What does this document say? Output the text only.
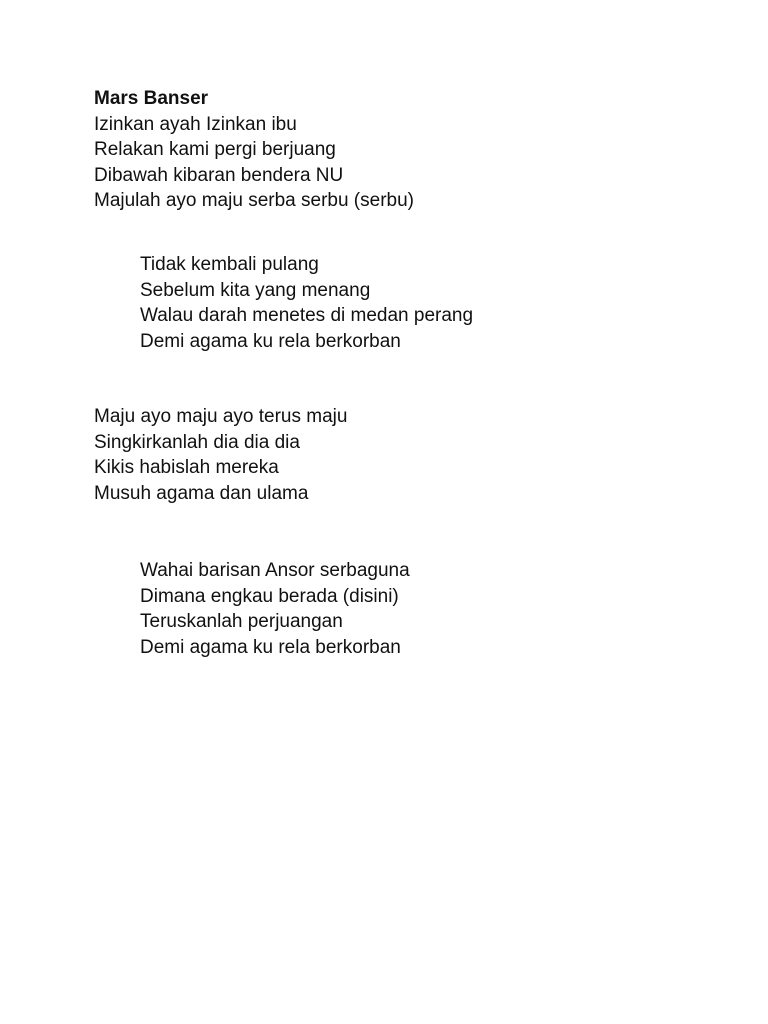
Mars Banser
Izinkan ayah Izinkan ibu
Relakan kami pergi berjuang
Dibawah kibaran bendera NU
Majulah ayo maju serba serbu (serbu)
Tidak kembali pulang
Sebelum kita yang menang
Walau darah menetes di medan perang
Demi agama ku rela berkorban
Maju ayo maju ayo terus maju
Singkirkanlah dia dia dia
Kikis habislah mereka
Musuh agama dan ulama
Wahai barisan Ansor serbaguna
Dimana engkau berada (disini)
Teruskanlah perjuangan
Demi agama ku rela berkorban
